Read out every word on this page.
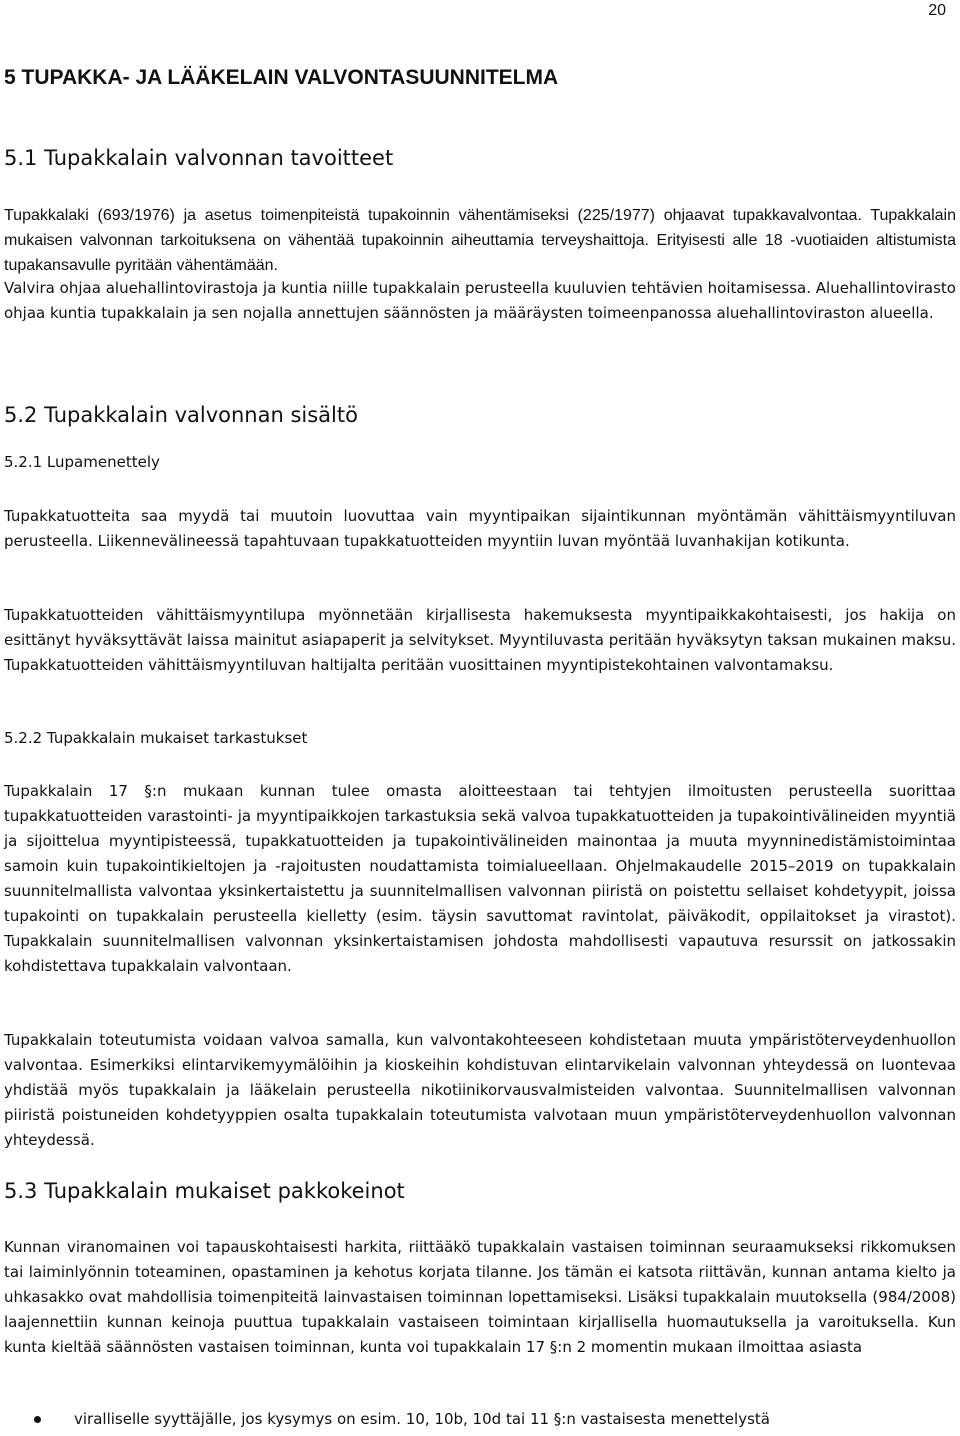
20
5 TUPAKKA- JA LÄÄKELAIN VALVONTASUUNNITELMA
5.1 Tupakkalain valvonnan tavoitteet

Tupakkalaki (693/1976) ja asetus toimenpiteistä tupakoinnin vähentämiseksi (225/1977) ohjaavat tupakkavalvontaa. Tupakkalain mukaisen valvonnan tarkoituksena on vähentää tupakoinnin aiheuttamia terveyshaittoja. Erityisesti alle 18 -vuotiaiden altistumista tupakansavulle pyritään vähentämään.

Valvira ohjaa aluehallintovirastoja ja kuntia niille tupakkalain perusteella kuuluvien tehtävien hoitamisessa. Aluehallintovirasto ohjaa kuntia tupakkalain ja sen nojalla annettujen säännösten ja määräysten toimeenpanossa aluehallintoviraston alueella.

5.2 Tupakkalain valvonnan sisältö
5.2.1 Lupamenettely

Tupakkatuotteita saa myydä tai muutoin luovuttaa vain myyntipaikan sijaintikunnan myöntämän vähittäismyyntiluvan perusteella. Liikennevälineessä tapahtuvaan tupakkatuotteiden myyntiin luvan myöntää luvanhakijan kotikunta.

Tupakkatuotteiden vähittäismyyntilupa myönnetään kirjallisesta hakemuksesta myyntipaikkakohtaisesti, jos hakija on esittänyt hyväksyttävät laissa mainitut asiapaperit ja selvitykset. Myyntiluvasta peritään hyväksytyn taksan mukainen maksu. Tupakkatuotteiden vähittäismyyntiluvan haltijalta peritään vuosittainen myyntipistekohtainen valvontamaksu.

5.2.2 Tupakkalain mukaiset tarkastukset

Tupakkalain 17 §:n mukaan kunnan tulee omasta aloitteestaan tai tehtyjen ilmoitusten perusteella suorittaa tupakkatuotteiden varastointi- ja myyntipaikkojen tarkastuksia sekä valvoa tupakkatuotteiden ja tupakointivälineiden myyntiä ja sijoittelua myyntipisteessä, tupakkatuotteiden ja tupakointivälineiden mainontaa ja muuta myynninedistämistoimintaa samoin kuin tupakointikieltojen ja -rajoitusten noudattamista toimialueellaan. Ohjelmakaudelle 2015–2019 on tupakkalain suunnitelmallista valvontaa yksinkertaistettu ja suunnitelmallisen valvonnan piiristä on poistettu sellaiset kohdetyypit, joissa tupakointi on tupakkalain perusteella kielletty (esim. täysin savuttomat ravintolat, päiväkodit, oppilaitokset ja virastot). Tupakkalain suunnitelmallisen valvonnan yksinkertaistamisen johdosta mahdollisesti vapautuva resurssit on jatkossakin kohdistettava tupakkalain valvontaan.

Tupakkalain toteutumista voidaan valvoa samalla, kun valvontakohteeseen kohdistetaan muuta ympäristöterveydenhuollon valvontaa. Esimerkiksi elintarvikemyymälöihin ja kioskeihin kohdistuvan elintarvikelain valvonnan yhteydessä on luontevaa yhdistää myös tupakkalain ja lääkelain perusteella nikotiinikorvausvalmisteiden valvontaa. Suunnitelmallisen valvonnan piiristä poistuneiden kohdetyyppien osalta tupakkalain toteutumista valvotaan muun ympäristöterveydenhuollon valvonnan yhteydessä.

5.3 Tupakkalain mukaiset pakkokeinot

Kunnan viranomainen voi tapauskohtaisesti harkita, riittääkö tupakkalain vastaisen toiminnan seuraamukseksi rikkomuksen tai laiminlyönnin toteaminen, opastaminen ja kehotus korjata tilanne. Jos tämän ei katsota riittävän, kunnan antama kielto ja uhkasakko ovat mahdollisia toimenpiteitä lainvastaisen toiminnan lopettamiseksi. Lisäksi tupakkalain muutoksella (984/2008) laajennettiin kunnan keinoja puuttua tupakkalain vastaiseen toimintaan kirjallisella huomautuksella ja varoituksella. Kun kunta kieltää säännösten vastaisen toiminnan, kunta voi tupakkalain 17 §:n 2 momentin mukaan ilmoittaa asiasta

viralliselle syyttäjälle, jos kysymys on esim. 10, 10b, 10d tai 11 §:n vastaisesta menettelystä
